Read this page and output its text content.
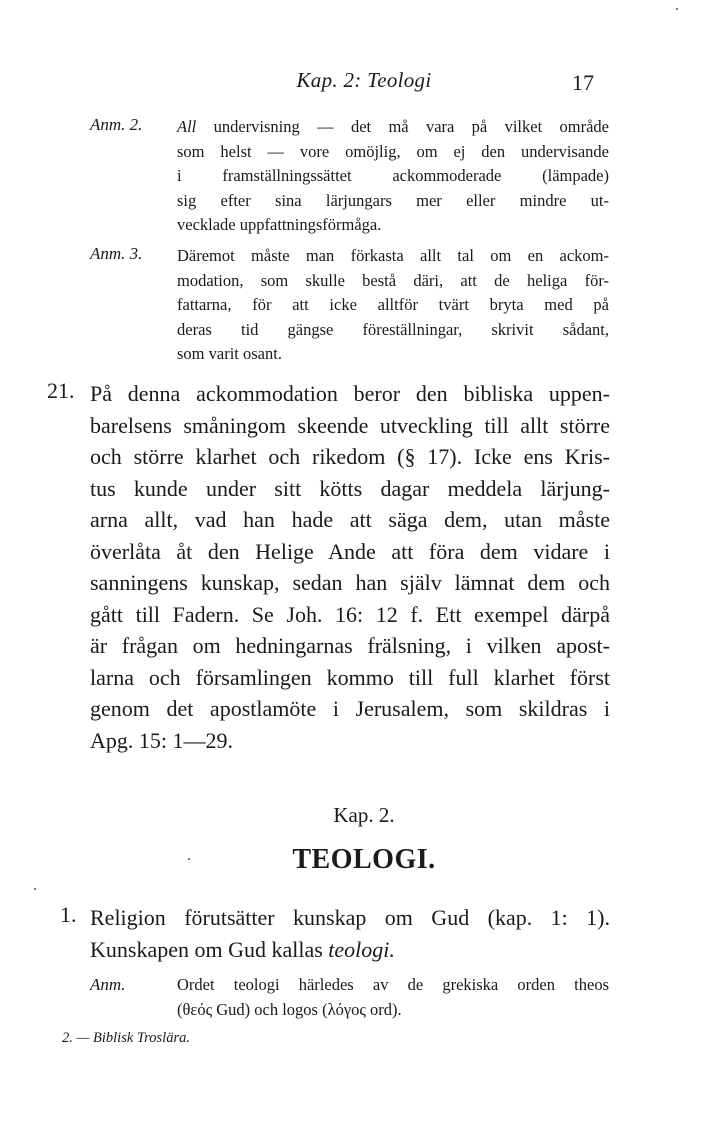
Kap. 2: Teologi	17
Anm. 2. All undervisning — det må vara på vilket område
som helst — vore omöjlig, om ej den undervisande
i framställningssättet ackommoderade (lämpade)
sig efter sina lärjungars mer eller mindre ut-
vecklade uppfattningsförmåga.
Anm. 3. Däremot måste man förkasta allt tal om en ackom-
modation, som skulle bestå däri, att de heliga för-
fattarna, för att icke alltför tvärt bryta med på
deras tid gängse föreställningar, skrivit sådant,
som varit osant.
21. På denna ackommodation beror den bibliska uppen-
barelsens småningom skeende utveckling till allt större
och större klarhet och rikedom (§ 17). Icke ens Kris-
tus kunde under sitt kötts dagar meddela lärjung-
arna allt, vad han hade att säga dem, utan måste
överlåta åt den Helige Ande att föra dem vidare i
sanningens kunskap, sedan han själv lämnat dem och
gått till Fadern. Se Joh. 16: 12 f. Ett exempel därpå
är frågan om hedningarnas frälsning, i vilken apost-
larna och församlingen kommo till full klarhet först
genom det apostlamöte i Jerusalem, som skildras i
Apg. 15: 1—29.
Kap. 2.
TEOLOGI.
1. Religion förutsätter kunskap om Gud (kap. 1: 1).
Kunskapen om Gud kallas teologi.
Anm.	Ordet teologi härledes av de grekiska orden theos
(θεός Gud) och logos (λόγος ord).
2. — Biblisk Troslära.
